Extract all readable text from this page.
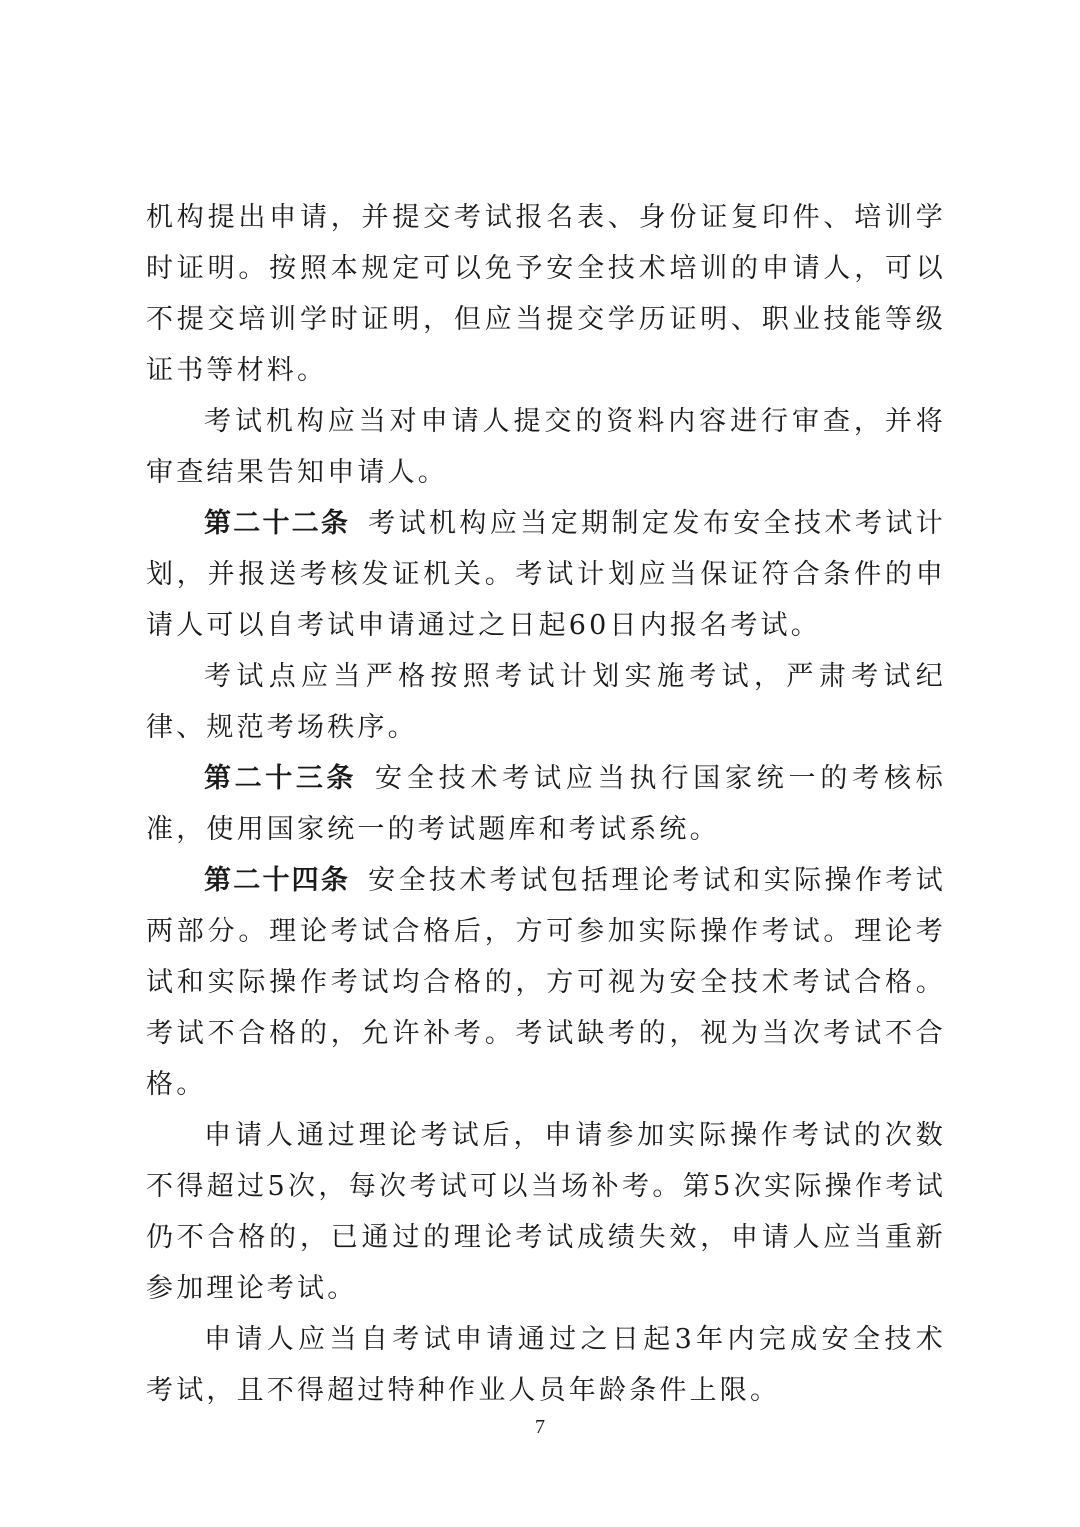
机构提出申请，并提交考试报名表、身份证复印件、培训学时证明。按照本规定可以免予安全技术培训的申请人，可以不提交培训学时证明，但应当提交学历证明、职业技能等级证书等材料。

考试机构应当对申请人提交的资料内容进行审查，并将审查结果告知申请人。

第二十二条 考试机构应当定期制定发布安全技术考试计划，并报送考核发证机关。考试计划应当保证符合条件的申请人可以自考试申请通过之日起60日内报名考试。

考试点应当严格按照考试计划实施考试，严肃考试纪律、规范考场秩序。

第二十三条 安全技术考试应当执行国家统一的考核标准，使用国家统一的考试题库和考试系统。

第二十四条 安全技术考试包括理论考试和实际操作考试两部分。理论考试合格后，方可参加实际操作考试。理论考试和实际操作考试均合格的，方可视为安全技术考试合格。考试不合格的，允许补考。考试缺考的，视为当次考试不合格。

申请人通过理论考试后，申请参加实际操作考试的次数不得超过5次，每次考试可以当场补考。第5次实际操作考试仍不合格的，已通过的理论考试成绩失效，申请人应当重新参加理论考试。

申请人应当自考试申请通过之日起3年内完成安全技术考试，且不得超过特种作业人员年龄条件上限。

7
